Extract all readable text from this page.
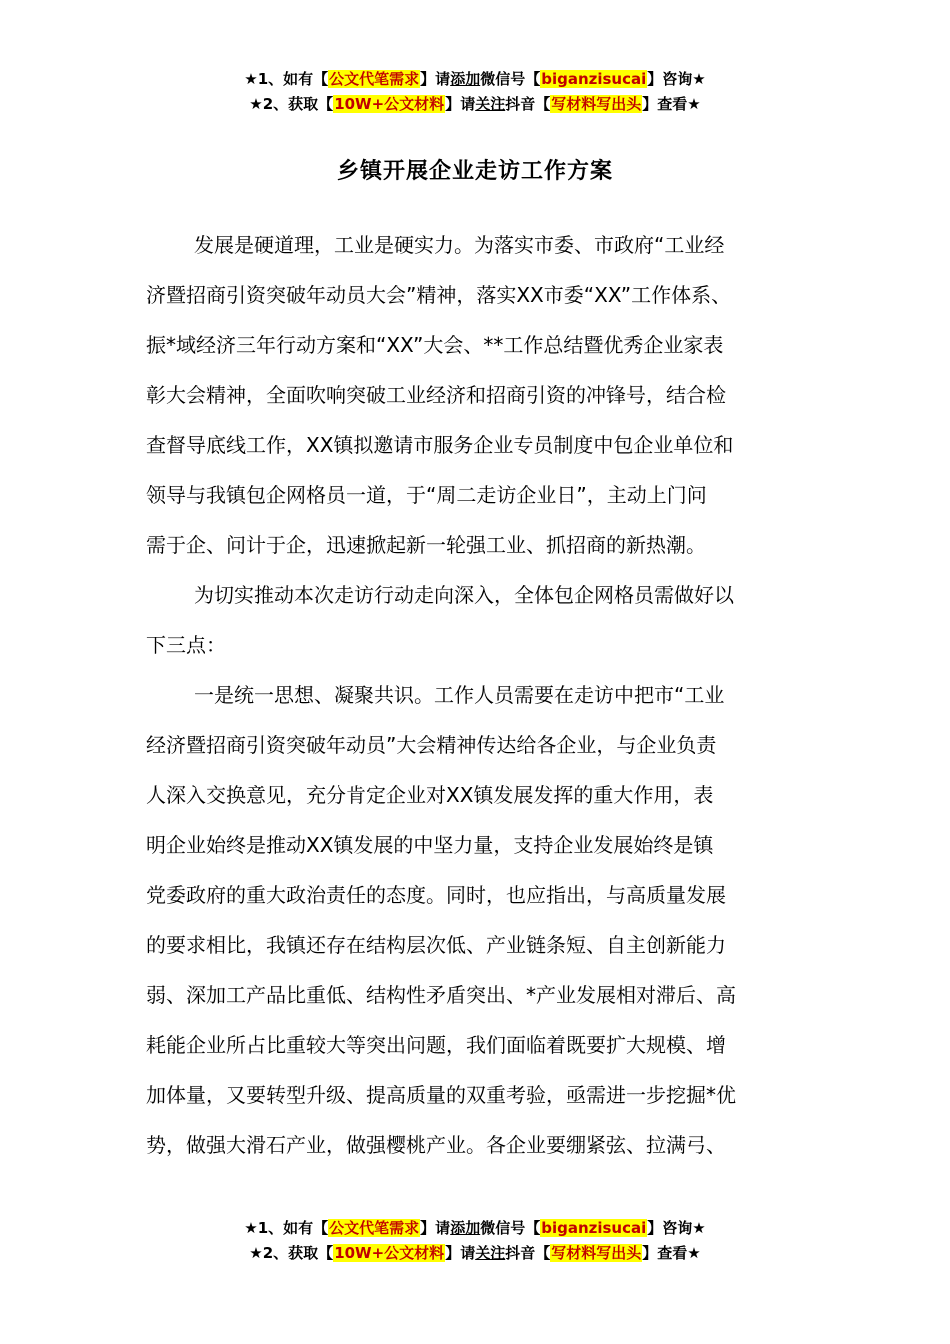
★1、如有【公文代笔需求】请添加微信号【biganzisucai】咨询★
★2、获取【10W+公文材料】请关注抖音【写材料写出头】查看★
乡镇开展企业走访工作方案

发展是硬道理，工业是硬实力。为落实市委、市政府“工业经
济暨招商引资突破年动员大会”精神，落实XX市委“XX”工作体系、
振*域经济三年行动方案和“XX”大会、**工作总结暨优秀企业家表
彰大会精神，全面吹响突破工业经济和招商引资的冲锋号，结合检
查督导底线工作，XX镇拟邀请市服务企业专员制度中包企业单位和
领导与我镇包企网格员一道，于“周二走访企业日”，主动上门问
需于企、问计于企，迅速掀起新一轮强工业、抓招商的新热潮。

为切实推动本次走访行动走向深入，全体包企网格员需做好以
下三点：

一是统一思想、凝聚共识。工作人员需要在走访中把市“工业
经济暨招商引资突破年动员”大会精神传达给各企业，与企业负责
人深入交换意见，充分肯定企业对XX镇发展发挥的重大作用，表
明企业始终是推动XX镇发展的中坚力量，支持企业发展始终是镇
党委政府的重大政治责任的态度。同时，也应指出，与高质量发展
的要求相比，我镇还存在结构层次低、产业链条短、自主创新能力
弱、深加工产品比重低、结构性矛盾突出、*产业发展相对滞后、高
耗能企业所占比重较大等突出问题，我们面临着既要扩大规模、增
加体量，又要转型升级、提高质量的双重考验，亟需进一步挖掘*优
势，做强大滑石产业，做强樱桃产业。各企业要绷紧弦、拉满弓、

★1、如有【公文代笔需求】请添加微信号【biganzisucai】咨询★
★2、获取【10W+公文材料】请关注抖音【写材料写出头】查看★
